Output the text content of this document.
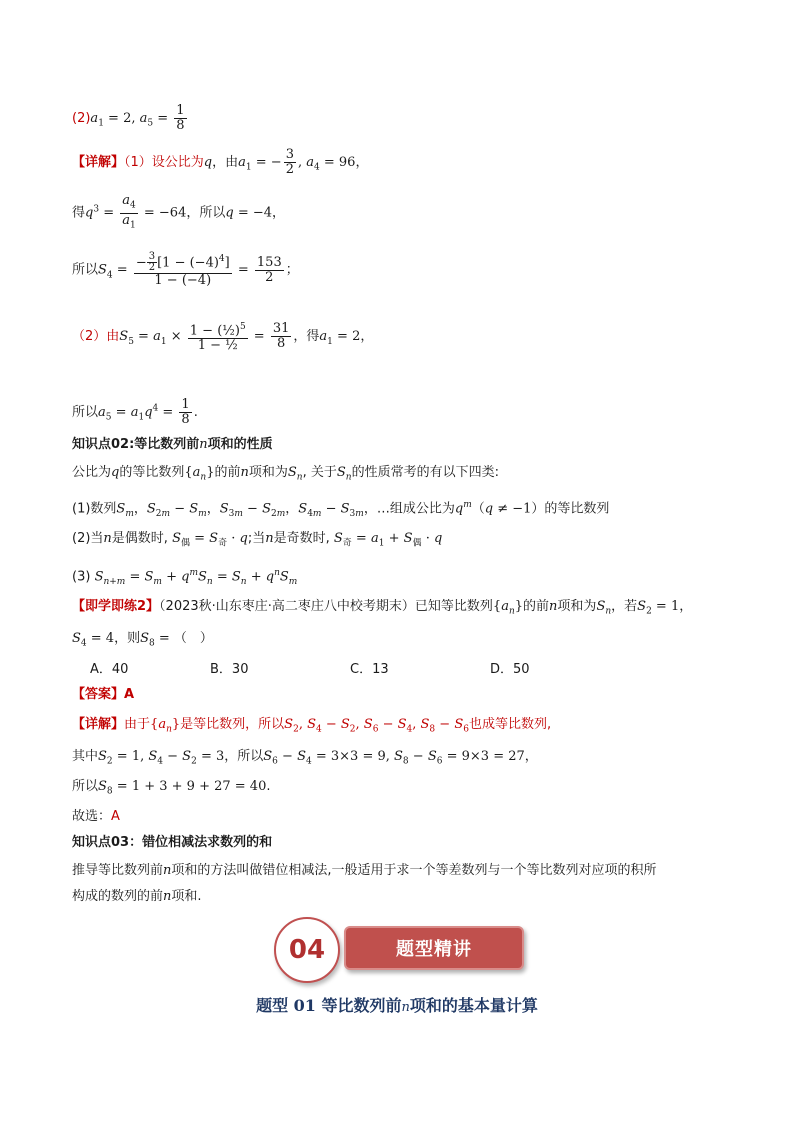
$(2)a_1 = 2$, $a_5 = \frac{1}{8}$
【详解】（1）设公比为q，由$a_1$ = − $\frac{3}{2}$ , $a_4 = 96$，
得$q^3 = \frac{a_4}{a_1} = -64$，所以q = −4，
所以$S_4 = \frac{- \frac{3}{2} [1 - (-4)^4]}{1 - (-4)} = \frac{153}{2}$ ；
（2）由$S_5 = a_1 \times \frac{1 - (\frac{1}{2})^5}{\text{1 − ½}} = \frac{31}{8}$ ，得$a_1 = 2$，
所以$a_5 = a_1q^4 = \frac{1}{8}$ .
知识点02:等比数列前n项和的性质
公比为q的等比数列$\{a_n\}$的前n项和为$S_n$, 关于$S_n$的性质常考的有以下四类:
(1)数列$S_m$，$S_{2m} - S_m$，$S_{3m} - S_{2m}$，$S_{4m} - S_{3m}$，…组成公比为$q^m(q \ne -1)$的等比数列
(2)当n是偶数时, $S_偶 = S_奇 \cdot q$;当n是奇数时, $S_奇 = a_1 + S_偶 \cdot q$
(3) $S_{n+m} = S_m + q^mS_n = S_n + q^nS_m$
【即学即练2】（2023秋·山东枣庄·高二枣庄八中校考期末）已知等比数列$\{a_n\}$的前n项和为$S_n$，若$S_2 = 1$，
$S_4 = 4$，则$S_8$ = （　）
A．40	B．30	C．13	D．50
【答案】A
【详解】由于$\{a_n\}$是等比数列，所以$S_2$, $S_4 - S_2$, $S_6 - S_4$, $S_8 - S_6$也成等比数列,
其中$S_2 = 1$, $S_4 - S_2 = 3$，所以$S_6 - S_4 = 3\times 3 = 9$, $S_8 - S_6 = 9\times 3 = 27$，
所以$S_8 = 1 + 3 + 9 + 27 = 40$.
故选：A
知识点03：错位相减法求数列的和
推导等比数列前n项和的方法叫做错位相减法,一般适用于求一个等差数列与一个等比数列对应项的积所
构成的数列的前n项和.
题型精讲
04
题型 01 等比数列前n项和的基本量计算
